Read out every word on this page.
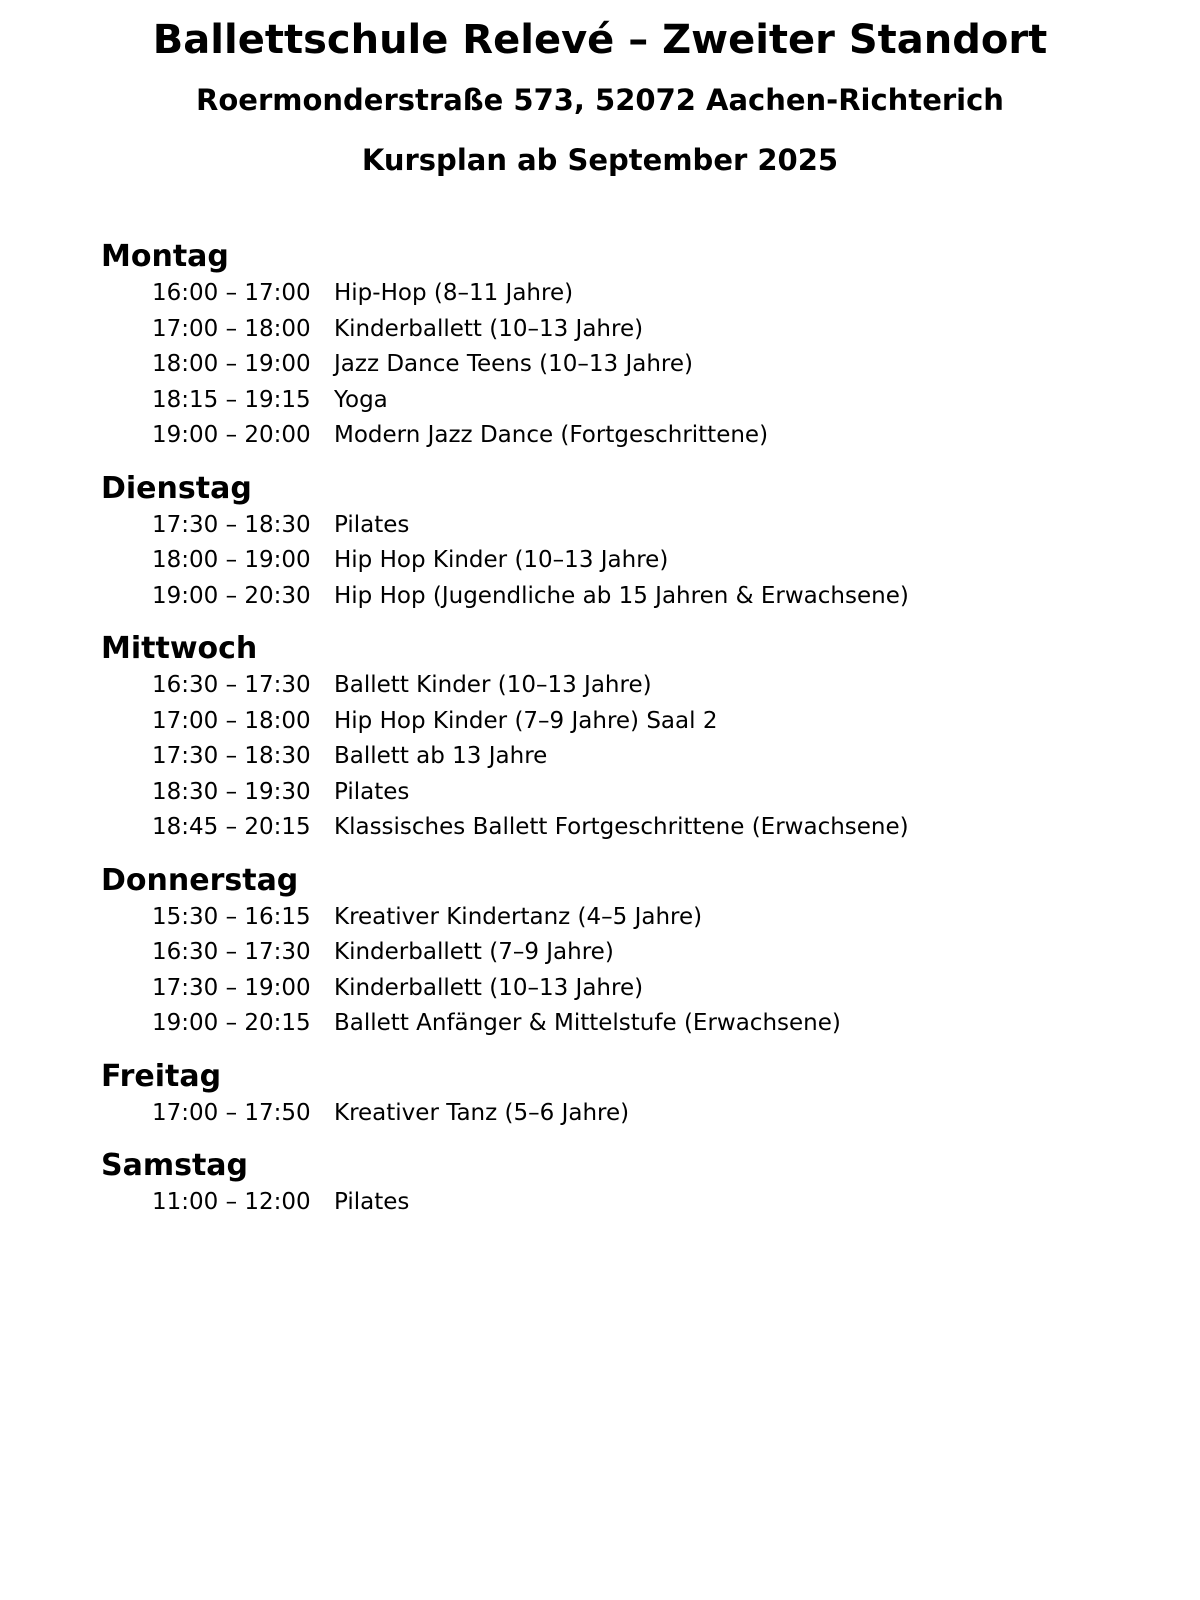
Ballettschule Relevé – Zweiter Standort
Roermonderstraße 573, 52072 Aachen-Richterich
Kursplan ab September 2025
Montag
16:00 – 17:00	Hip-Hop (8–11 Jahre)
17:00 – 18:00	Kinderballett (10–13 Jahre)
18:00 – 19:00	Jazz Dance Teens (10–13 Jahre)
18:15 – 19:15	Yoga
19:00 – 20:00	Modern Jazz Dance (Fortgeschrittene)
Dienstag
17:30 – 18:30	Pilates
18:00 – 19:00	Hip Hop Kinder (10–13 Jahre)
19:00 – 20:30	Hip Hop (Jugendliche ab 15 Jahren & Erwachsene)
Mittwoch
16:30 – 17:30	Ballett Kinder (10–13 Jahre)
17:00 – 18:00	Hip Hop Kinder (7–9 Jahre) Saal 2
17:30 – 18:30	Ballett ab 13 Jahre
18:30 – 19:30	Pilates
18:45 – 20:15	Klassisches Ballett Fortgeschrittene (Erwachsene)
Donnerstag
15:30 – 16:15	Kreativer Kindertanz (4–5 Jahre)
16:30 – 17:30	Kinderballett (7–9 Jahre)
17:30 – 19:00	Kinderballett (10–13 Jahre)
19:00 – 20:15	Ballett Anfänger & Mittelstufe (Erwachsene)
Freitag
17:00 – 17:50	Kreativer Tanz (5–6 Jahre)
Samstag
11:00 – 12:00	Pilates
